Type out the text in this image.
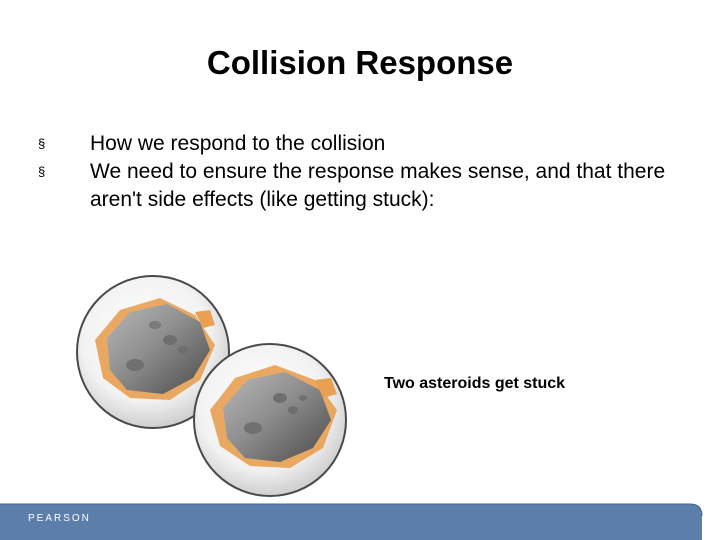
Collision Response
§ How we respond to the collision
§ We need to ensure the response makes sense, and that there aren't side effects (like getting stuck):
Two asteroids get stuck
PEARSON
